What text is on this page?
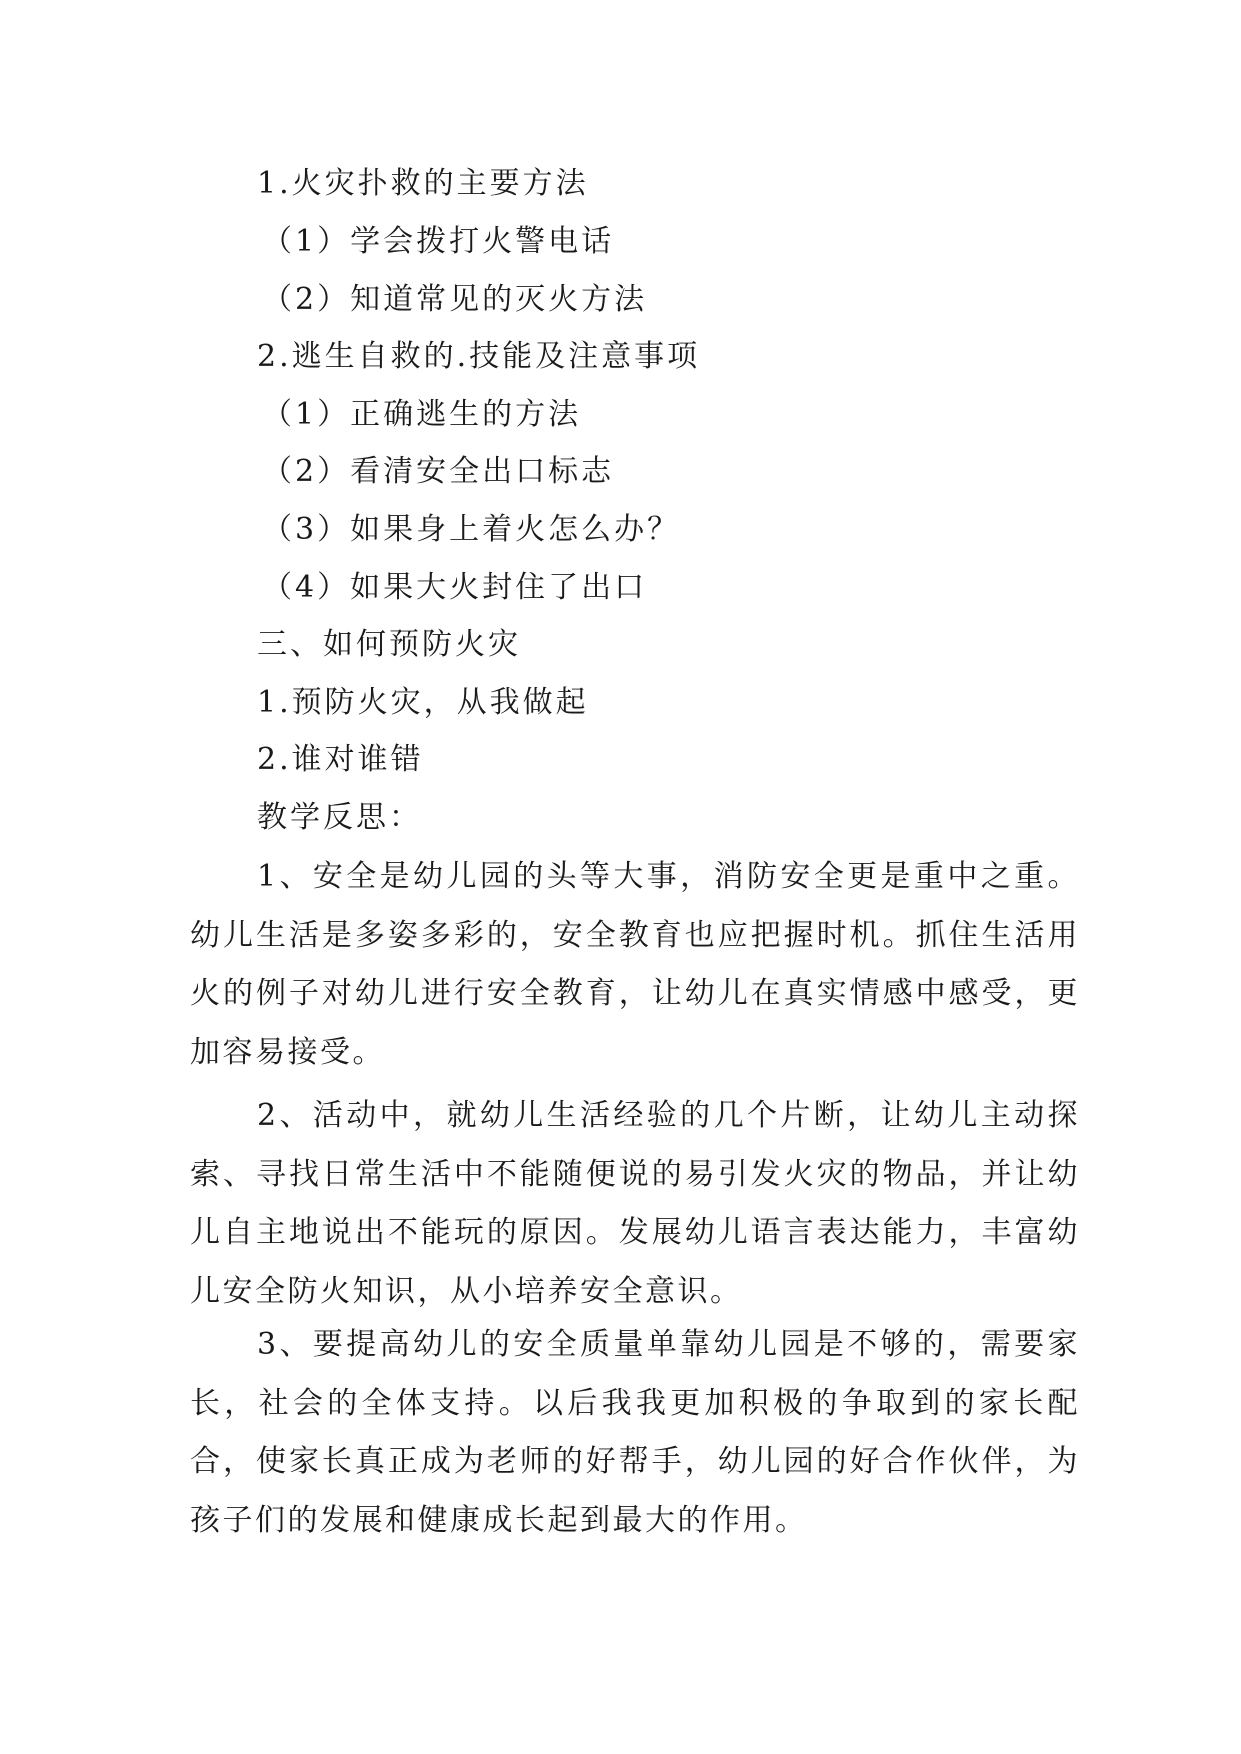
1.火灾扑救的主要方法
（1）学会拨打火警电话
（2）知道常见的灭火方法
2.逃生自救的.技能及注意事项
（1）正确逃生的方法
（2）看清安全出口标志
（3）如果身上着火怎么办？
（4）如果大火封住了出口
三、如何预防火灾
1.预防火灾，从我做起
2.谁对谁错
教学反思：

1、安全是幼儿园的头等大事，消防安全更是重中之重。幼儿生活是多姿多彩的，安全教育也应把握时机。抓住生活用火的例子对幼儿进行安全教育，让幼儿在真实情感中感受，更加容易接受。

2、活动中，就幼儿生活经验的几个片断，让幼儿主动探索、寻找日常生活中不能随便说的易引发火灾的物品，并让幼儿自主地说出不能玩的原因。发展幼儿语言表达能力，丰富幼儿安全防火知识，从小培养安全意识。

3、要提高幼儿的安全质量单靠幼儿园是不够的，需要家长，社会的全体支持。以后我我更加积极的争取到的家长配合，使家长真正成为老师的好帮手，幼儿园的好合作伙伴，为孩子们的发展和健康成长起到最大的作用。
